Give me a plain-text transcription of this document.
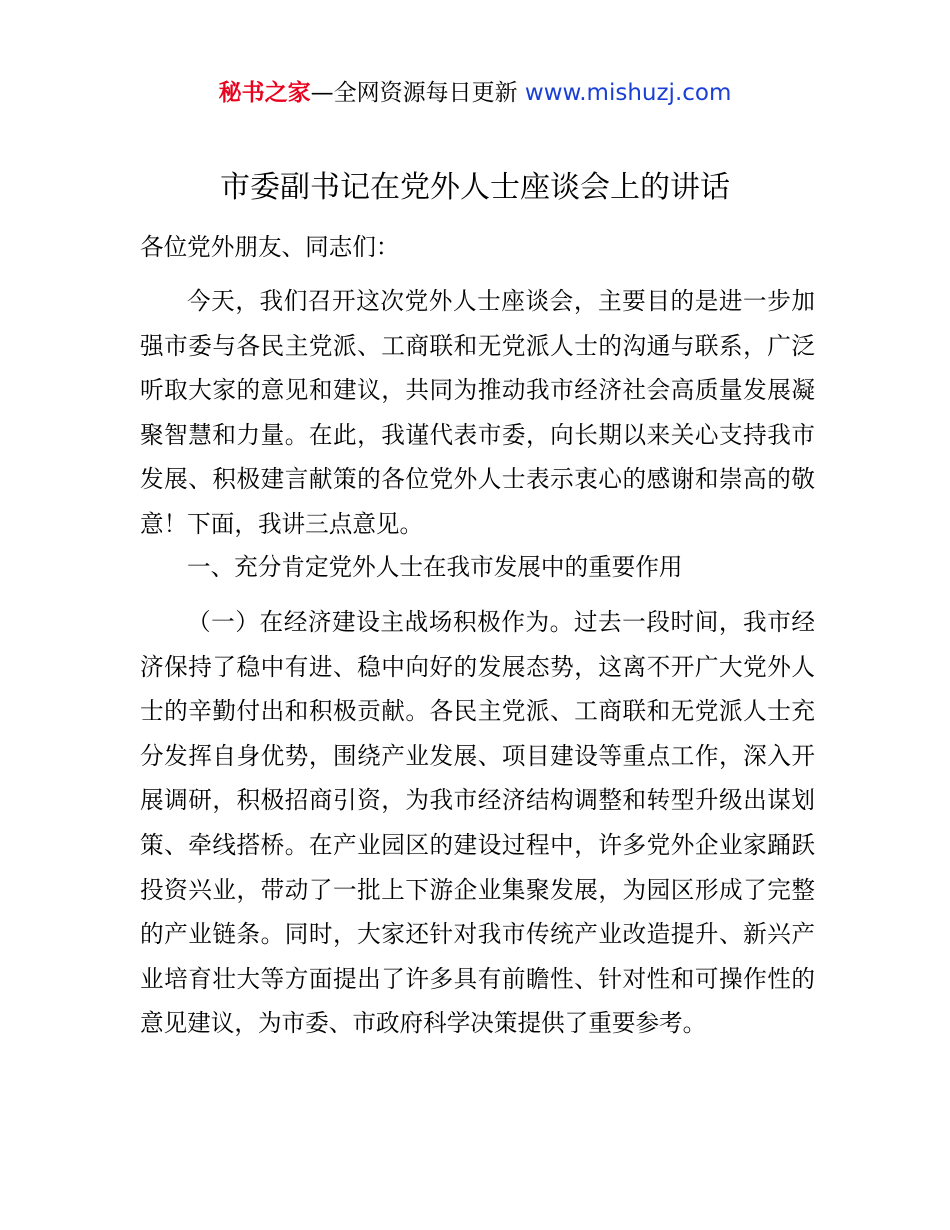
秘书之家—全网资源每日更新 www.mishuzj.com
市委副书记在党外人士座谈会上的讲话

各位党外朋友、同志们：

今天，我们召开这次党外人士座谈会，主要目的是进一步加强市委与各民主党派、工商联和无党派人士的沟通与联系，广泛听取大家的意见和建议，共同为推动我市经济社会高质量发展凝聚智慧和力量。在此，我谨代表市委，向长期以来关心支持我市发展、积极建言献策的各位党外人士表示衷心的感谢和崇高的敬意！下面，我讲三点意见。

一、充分肯定党外人士在我市发展中的重要作用

（一）在经济建设主战场积极作为。过去一段时间，我市经济保持了稳中有进、稳中向好的发展态势，这离不开广大党外人士的辛勤付出和积极贡献。各民主党派、工商联和无党派人士充分发挥自身优势，围绕产业发展、项目建设等重点工作，深入开展调研，积极招商引资，为我市经济结构调整和转型升级出谋划策、牵线搭桥。在产业园区的建设过程中，许多党外企业家踊跃投资兴业，带动了一批上下游企业集聚发展，为园区形成了完整的产业链条。同时，大家还针对我市传统产业改造提升、新兴产业培育壮大等方面提出了许多具有前瞻性、针对性和可操作性的意见建议，为市委、市政府科学决策提供了重要参考。
